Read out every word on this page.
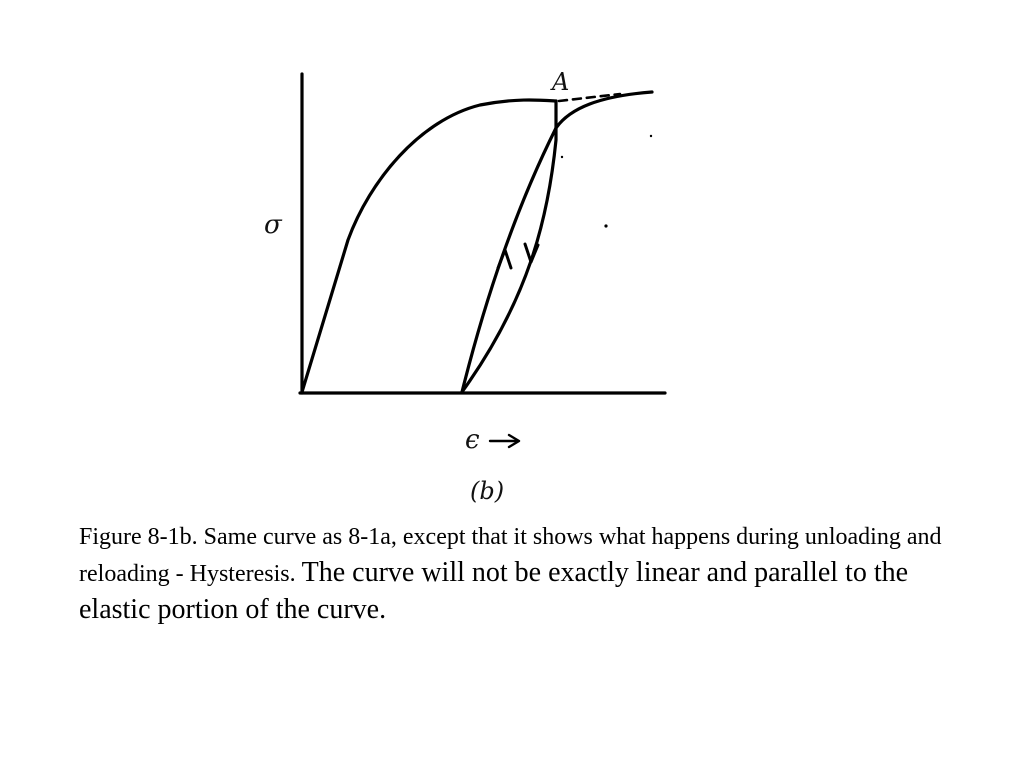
A
σ
ϵ
(b)
Figure 8-1b. Same curve as 8-1a, except that it shows what happens during unloading and reloading - Hysteresis. The curve will not be exactly linear and parallel to the elastic portion of the curve.
